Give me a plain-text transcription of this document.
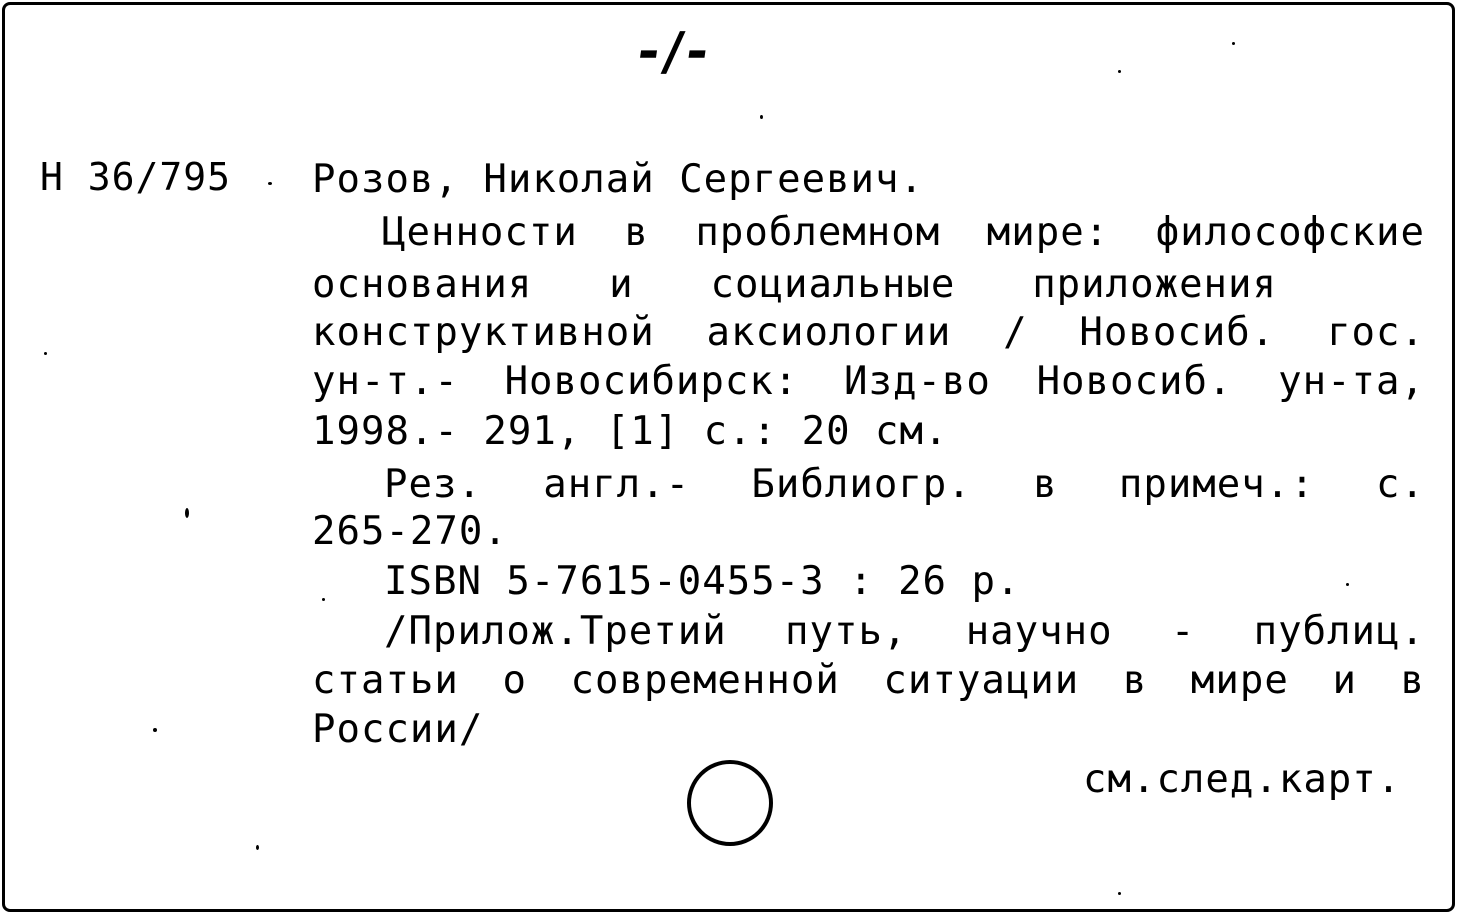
-/-
Н 36/795 Розов, Николай Сергеевич.
Ценности в проблемном мире: философские
основания и социальные приложения
конструктивной аксиологии / Новосиб. гос.
ун-т.- Новосибирск: Изд-во Новосиб. ун-та,
1998.- 291, [1] с.: 20 см.
Рез. англ.- Библиогр. в примеч.: с.
265-270.
ISBN 5-7615-0455-3 : 26 р.
/Прилож.Третий путь, научно - публиц.
статьи о современной ситуации в мире и в
России/
см.след.карт.
